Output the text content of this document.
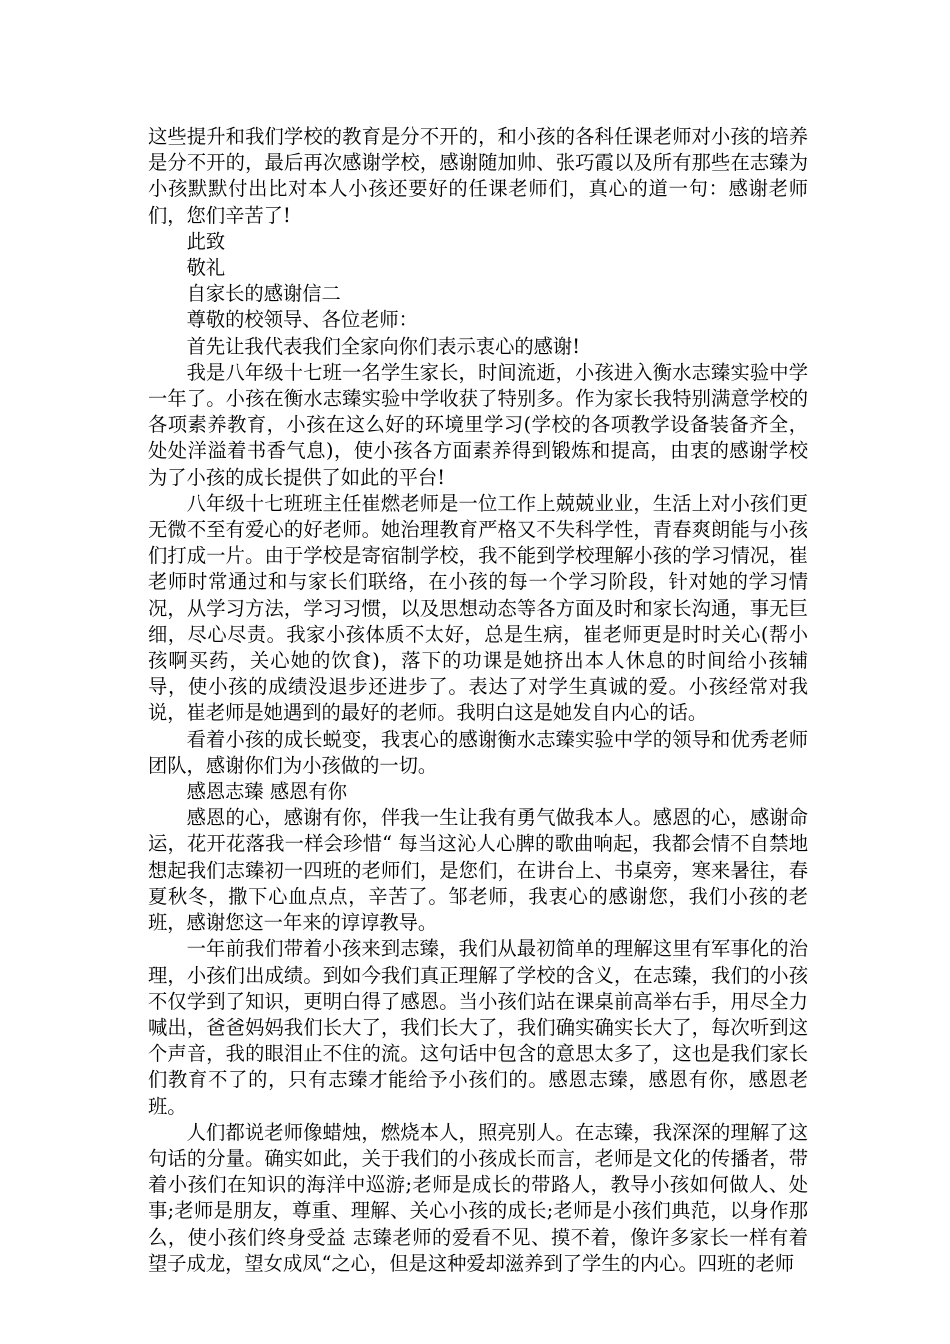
这些提升和我们学校的教育是分不开的，和小孩的各科任课老师对小孩的培养是分不开的，最后再次感谢学校，感谢随加帅、张巧霞以及所有那些在志臻为小孩默默付出比对本人小孩还要好的任课老师们，真心的道一句：感谢老师们，您们辛苦了!

此致

敬礼

自家长的感谢信二

尊敬的校领导、各位老师：

首先让我代表我们全家向你们表示衷心的感谢!

我是八年级十七班一名学生家长，时间流逝，小孩进入衡水志臻实验中学一年了。小孩在衡水志臻实验中学收获了特别多。作为家长我特别满意学校的各项素养教育，小孩在这么好的环境里学习(学校的各项教学设备装备齐全，处处洋溢着书香气息)，使小孩各方面素养得到锻炼和提高，由衷的感谢学校为了小孩的成长提供了如此的平台!

八年级十七班班主任崔燃老师是一位工作上兢兢业业，生活上对小孩们更无微不至有爱心的好老师。她治理教育严格又不失科学性，青春爽朗能与小孩们打成一片。由于学校是寄宿制学校，我不能到学校理解小孩的学习情况，崔老师时常通过和与家长们联络，在小孩的每一个学习阶段，针对她的学习情况，从学习方法，学习习惯，以及思想动态等各方面及时和家长沟通，事无巨细，尽心尽责。我家小孩体质不太好，总是生病，崔老师更是时时关心(帮小孩啊买药，关心她的饮食)，落下的功课是她挤出本人休息的时间给小孩辅导，使小孩的成绩没退步还进步了。表达了对学生真诚的爱。小孩经常对我说，崔老师是她遇到的最好的老师。我明白这是她发自内心的话。

看着小孩的成长蜕变，我衷心的感谢衡水志臻实验中学的领导和优秀老师团队，感谢你们为小孩做的一切。

感恩志臻 感恩有你

感恩的心，感谢有你，伴我一生让我有勇气做我本人。感恩的心，感谢命运，花开花落我一样会珍惜“ 每当这沁人心脾的歌曲响起，我都会情不自禁地想起我们志臻初一四班的老师们，是您们，在讲台上、书桌旁，寒来暑往，春夏秋冬，撒下心血点点，辛苦了。邹老师，我衷心的感谢您，我们小孩的老班，感谢您这一年来的谆谆教导。

一年前我们带着小孩来到志臻，我们从最初简单的理解这里有军事化的治理，小孩们出成绩。到如今我们真正理解了学校的含义，在志臻，我们的小孩不仅学到了知识，更明白得了感恩。当小孩们站在课桌前高举右手，用尽全力喊出，爸爸妈妈我们长大了，我们长大了，我们确实确实长大了，每次听到这个声音，我的眼泪止不住的流。这句话中包含的意思太多了，这也是我们家长们教育不了的，只有志臻才能给予小孩们的。感恩志臻，感恩有你，感恩老班。

人们都说老师像蜡烛，燃烧本人，照亮别人。在志臻，我深深的理解了这句话的分量。确实如此，关于我们的小孩成长而言，老师是文化的传播者，带着小孩们在知识的海洋中巡游;老师是成长的带路人，教导小孩如何做人、处事;老师是朋友，尊重、理解、关心小孩的成长;老师是小孩们典范，以身作那么，使小孩们终身受益 志臻老师的爱看不见、摸不着，像许多家长一样有着望子成龙，望女成凤“之心，但是这种爱却滋养到了学生的内心。四班的老师
